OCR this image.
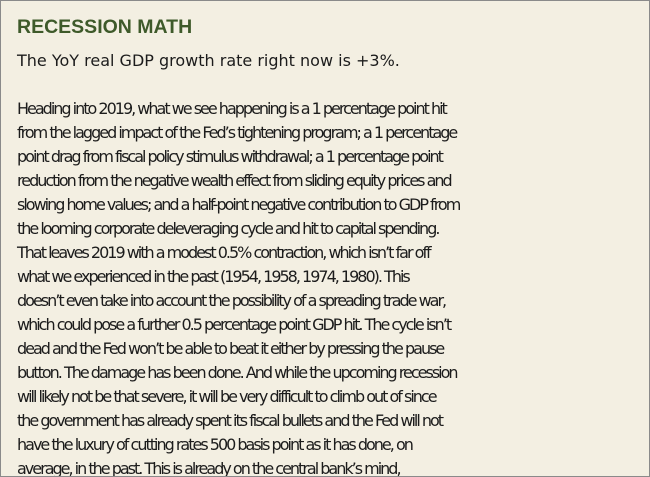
RECESSION MATH

The YoY real GDP growth rate right now is +3%.

Heading into 2019, what we see happening is a 1 percentage point hit
from the lagged impact of the Fed’s tightening program; a 1 percentage
point drag from fiscal policy stimulus withdrawal; a 1 percentage point
reduction from the negative wealth effect from sliding equity prices and
slowing home values; and a half-point negative contribution to GDP from
the looming corporate deleveraging cycle and hit to capital spending.
That leaves 2019 with a modest 0.5% contraction, which isn’t far off
what we experienced in the past (1954, 1958, 1974, 1980). This
doesn’t even take into account the possibility of a spreading trade war,
which could pose a further 0.5 percentage point GDP hit. The cycle isn’t
dead and the Fed won’t be able to beat it either by pressing the pause
button. The damage has been done. And while the upcoming recession
will likely not be that severe, it will be very difficult to climb out of since
the government has already spent its fiscal bullets and the Fed will not
have the luxury of cutting rates 500 basis point as it has done, on
average, in the past. This is already on the central bank’s mind,
